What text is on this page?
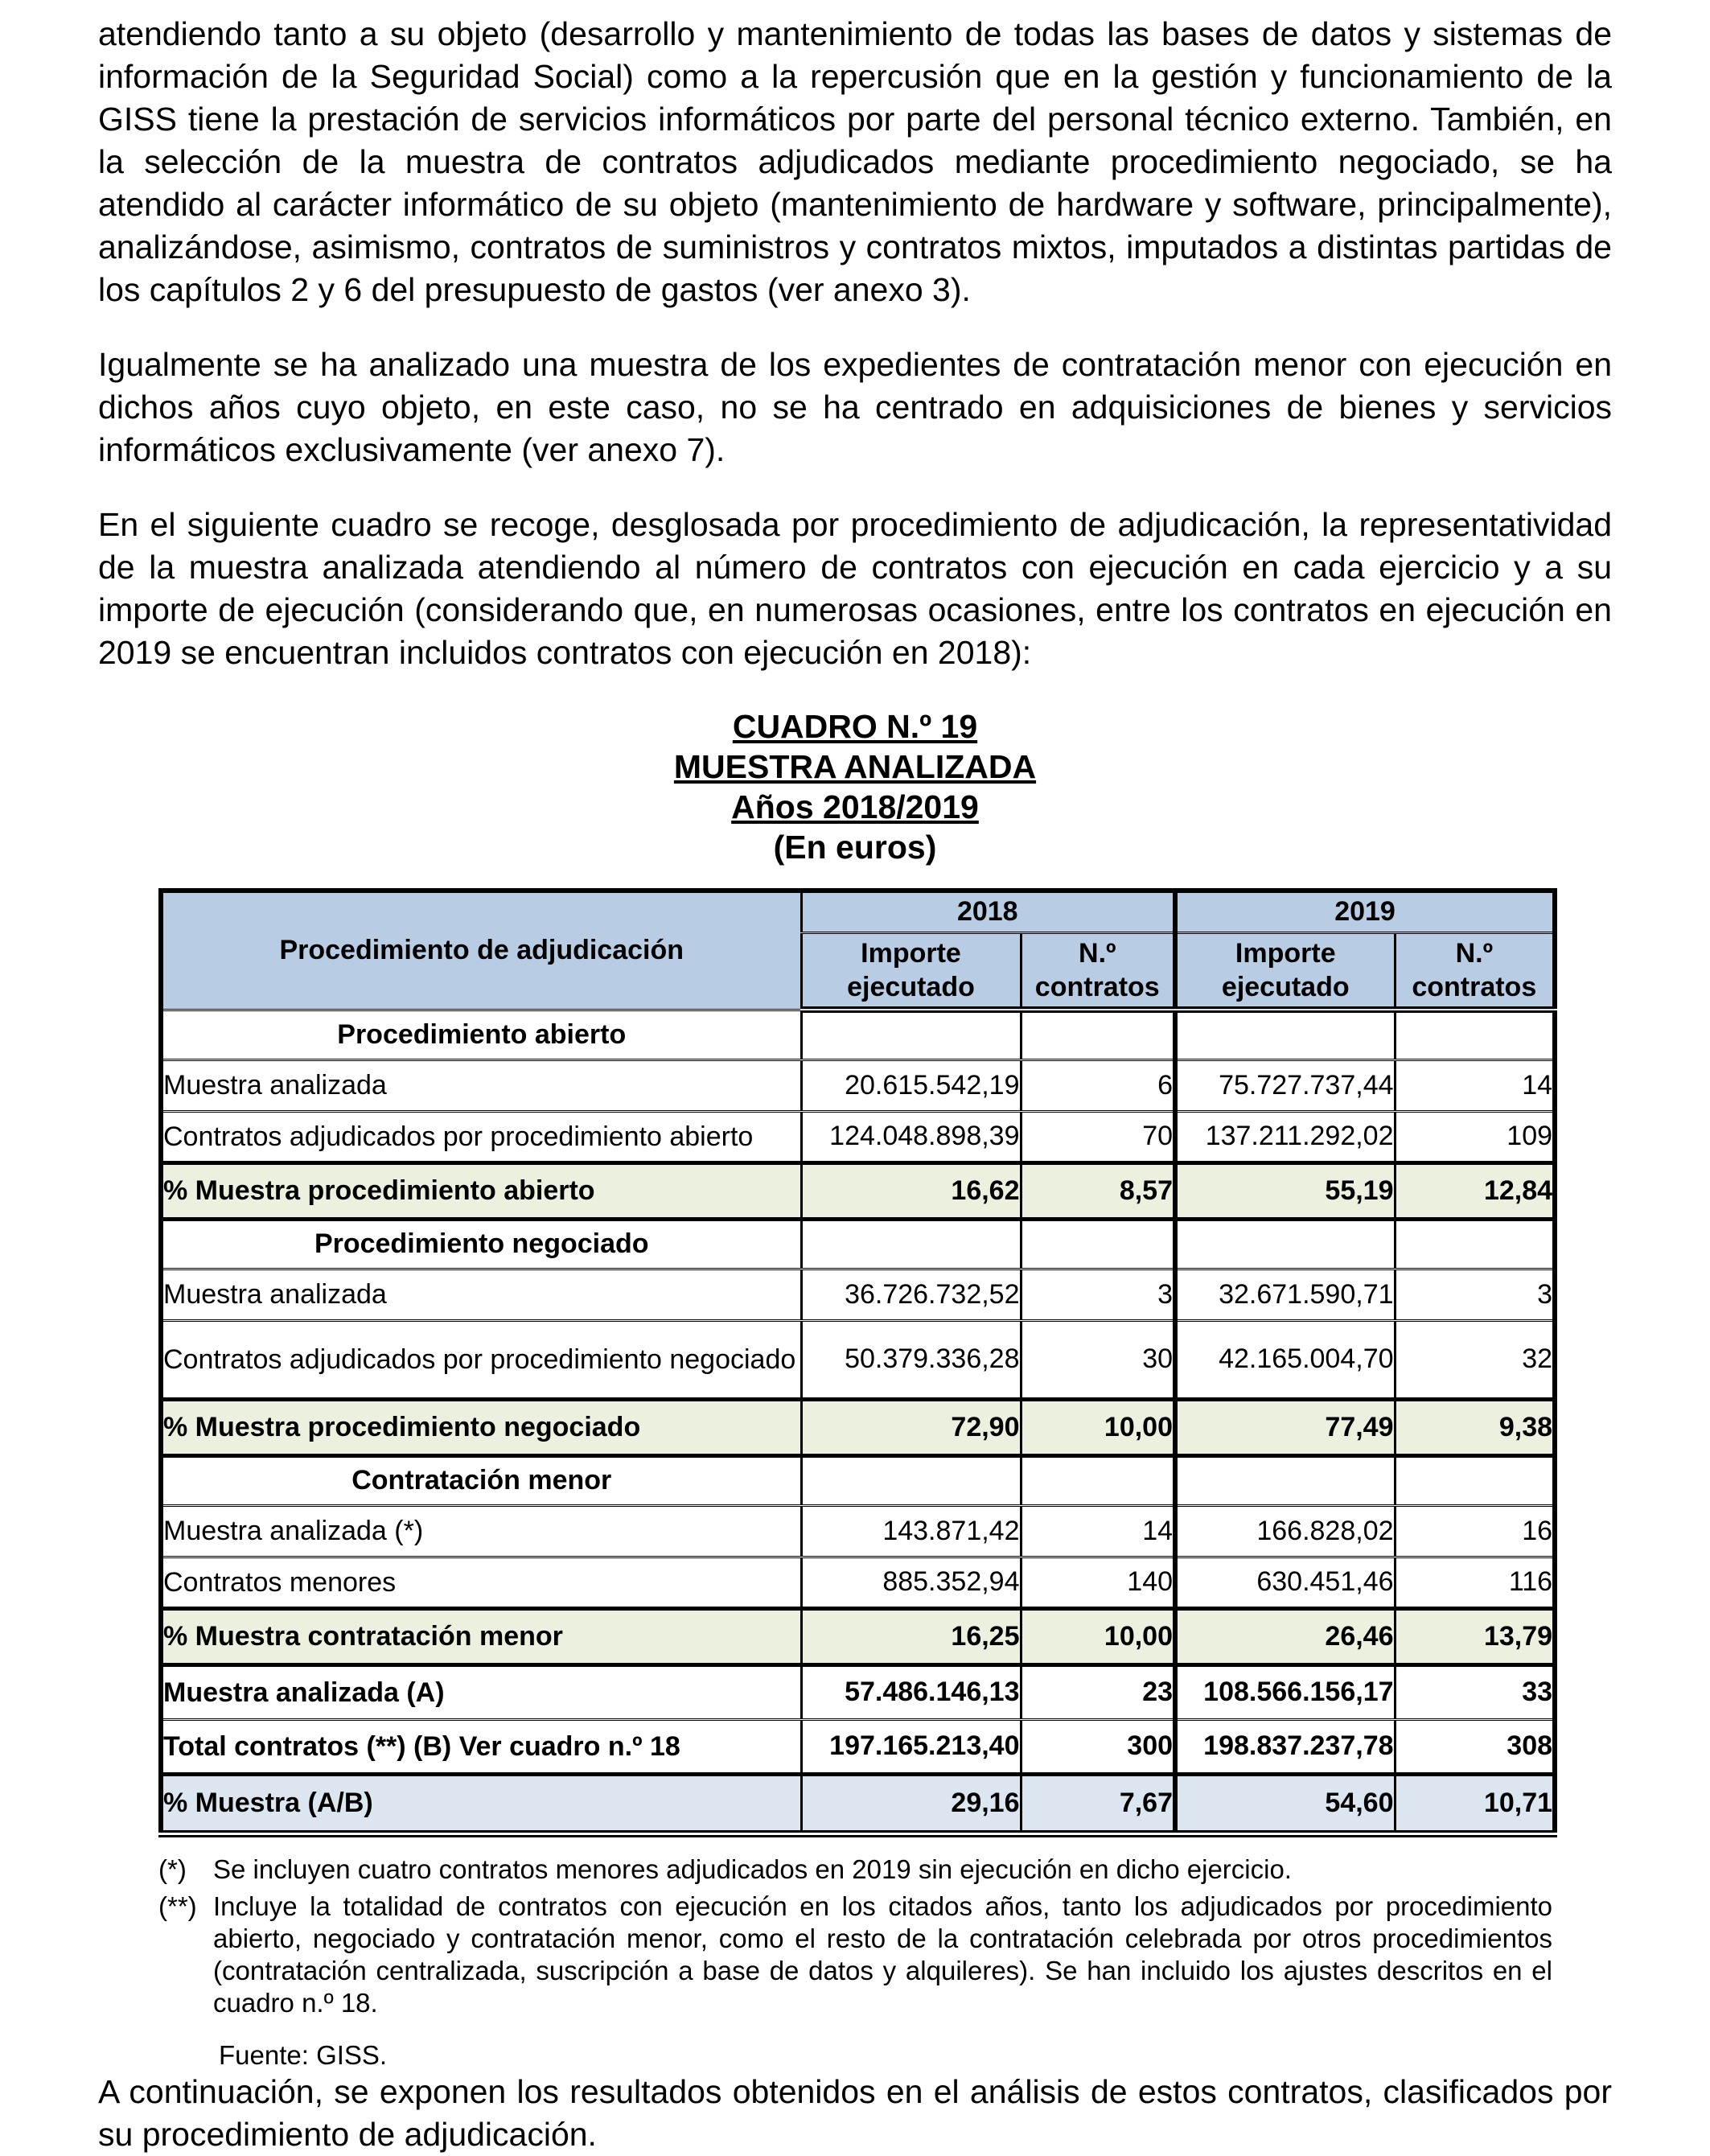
atendiendo tanto a su objeto (desarrollo y mantenimiento de todas las bases de datos y sistemas de información de la Seguridad Social) como a la repercusión que en la gestión y funcionamiento de la GISS tiene la prestación de servicios informáticos por parte del personal técnico externo. También, en la selección de la muestra de contratos adjudicados mediante procedimiento negociado, se ha atendido al carácter informático de su objeto (mantenimiento de hardware y software, principalmente), analizándose, asimismo, contratos de suministros y contratos mixtos, imputados a distintas partidas de los capítulos 2 y 6 del presupuesto de gastos (ver anexo 3).

Igualmente se ha analizado una muestra de los expedientes de contratación menor con ejecución en dichos años cuyo objeto, en este caso, no se ha centrado en adquisiciones de bienes y servicios informáticos exclusivamente (ver anexo 7).

En el siguiente cuadro se recoge, desglosada por procedimiento de adjudicación, la representatividad de la muestra analizada atendiendo al número de contratos con ejecución en cada ejercicio y a su importe de ejecución (considerando que, en numerosas ocasiones, entre los contratos en ejecución en 2019 se encuentran incluidos contratos con ejecución en 2018):

CUADRO N.º 19
MUESTRA ANALIZADA
Años 2018/2019
(En euros)
Procedimiento de adjudicación	2018		2019	
	Importe ejecutado	N.º contratos	Importe ejecutado	N.º contratos
Procedimiento abierto				
Muestra analizada	20.615.542,19	6	75.727.737,44	14
Contratos adjudicados por procedimiento abierto	124.048.898,39	70	137.211.292,02	109
% Muestra procedimiento abierto	16,62	8,57	55,19	12,84
Procedimiento negociado				
Muestra analizada	36.726.732,52	3	32.671.590,71	3
Contratos adjudicados por procedimiento negociado	50.379.336,28	30	42.165.004,70	32
% Muestra procedimiento negociado	72,90	10,00	77,49	9,38
Contratación menor				
Muestra analizada (*)	143.871,42	14	166.828,02	16
Contratos menores	885.352,94	140	630.451,46	116
% Muestra contratación menor	16,25	10,00	26,46	13,79
Muestra analizada (A)	57.486.146,13	23	108.566.156,17	33
Total contratos (**) (B) Ver cuadro n.º 18	197.165.213,40	300	198.837.237,78	308
% Muestra (A/B)	29,16	7,67	54,60	10,71
(*)	Se incluyen cuatro contratos menores adjudicados en 2019 sin ejecución en dicho ejercicio.
(**) Incluye la totalidad de contratos con ejecución en los citados años, tanto los adjudicados por procedimiento abierto, negociado y contratación menor, como el resto de la contratación celebrada por otros procedimientos (contratación centralizada, suscripción a base de datos y alquileres). Se han incluido los ajustes descritos en el cuadro n.º 18.
Fuente: GISS.

A continuación, se exponen los resultados obtenidos en el análisis de estos contratos, clasificados por su procedimiento de adjudicación.
